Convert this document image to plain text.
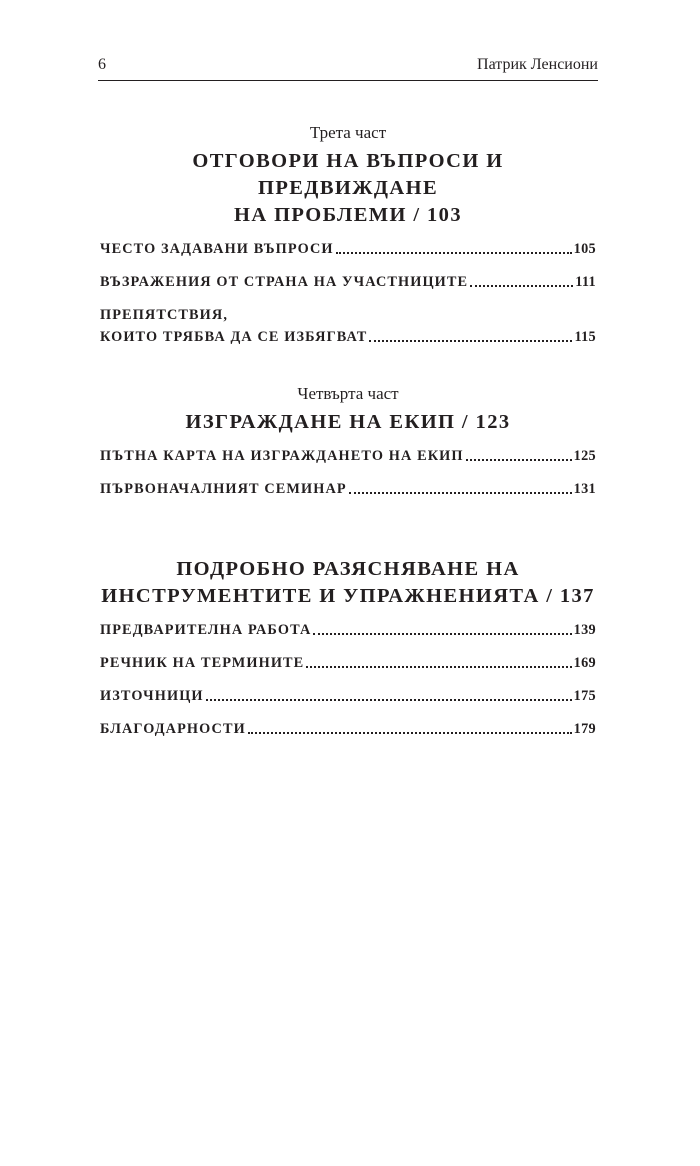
6	Патрик Ленсиони
Трета част
ОТГОВОРИ НА ВЪПРОСИ И ПРЕДВИЖДАНЕ
НА ПРОБЛЕМИ / 103
ЧЕСТО ЗАДАВАНИ ВЪПРОСИ	105
ВЪЗРАЖЕНИЯ ОТ СТРАНА НА УЧАСТНИЦИТЕ	111
ПРЕПЯТСТВИЯ,
КОИТО ТРЯБВА ДА СЕ ИЗБЯГВАТ	115
Четвърта част
ИЗГРАЖДАНЕ НА ЕКИП / 123
ПЪТНА КАРТА НА ИЗГРАЖДАНЕТО НА ЕКИП	125
ПЪРВОНАЧАЛНИЯТ СЕМИНАР	131
ПОДРОБНО РАЗЯСНЯВАНЕ НА
ИНСТРУМЕНТИТЕ И УПРАЖНЕНИЯТА / 137
ПРЕДВАРИТЕЛНА РАБОТА	139
РЕЧНИК НА ТЕРМИНИТЕ	169
ИЗТОЧНИЦИ	175
БЛАГОДАРНОСТИ	179
